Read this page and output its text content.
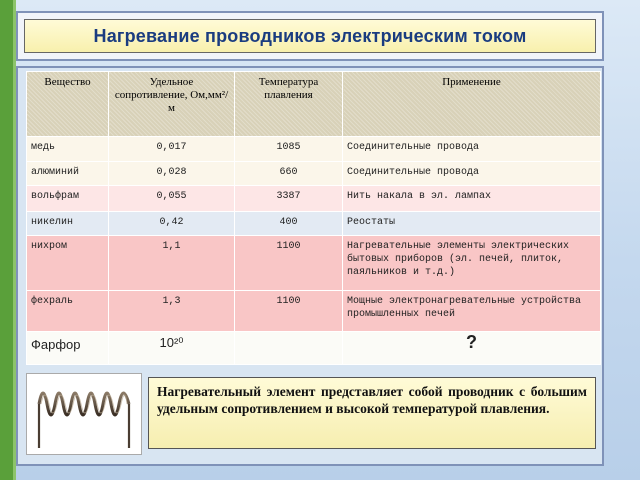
Нагревание проводников электрическим током
Вещество	Удельное сопротивление, Ом,мм²/м	Температура плавления	Применение
медь	0,017	1085	Соединительные провода
алюминий	0,028	660	Соединительные провода
вольфрам	0,055	3387	Нить накала в эл. лампах
никелин	0,42	400	Реостаты
нихром	1,1	1100	Нагревательные элементы электрических бытовых приборов (эл. печей, плиток, паяльников и т.д.)
фехраль	1,3	1100	Мощные электронагревательные устройства промышленных печей
Фарфор	10²⁰		?
Нагревательный элемент представляет собой проводник с большим удельным сопротивлением и высокой температурой плавления.
